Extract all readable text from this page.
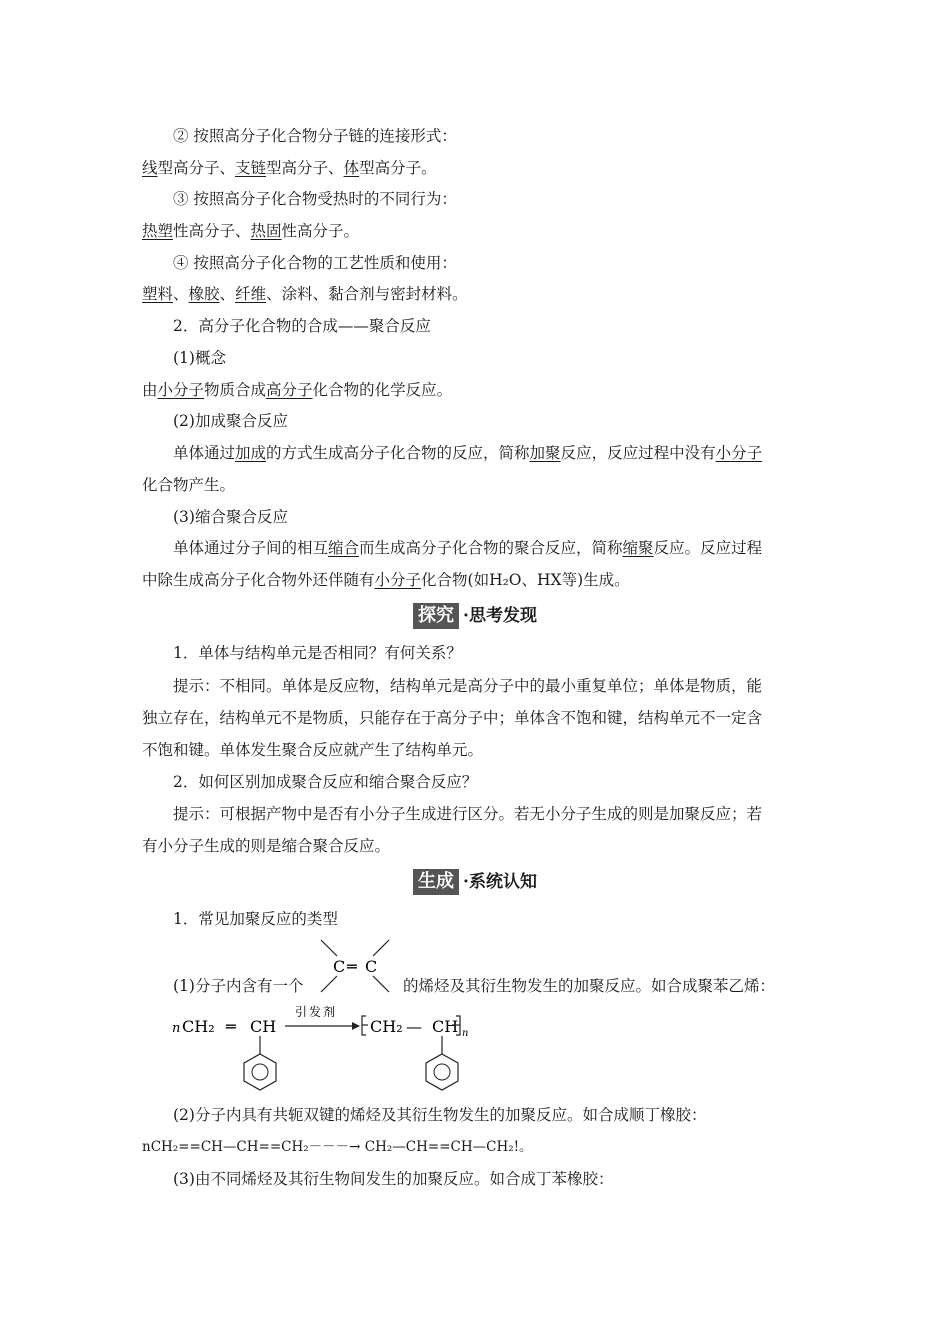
② 按照高分子化合物分子链的连接形式：
线型高分子、支链型高分子、体型高分子。
③ 按照高分子化合物受热时的不同行为：
热塑性高分子、热固性高分子。
④ 按照高分子化合物的工艺性质和使用：
塑料、橡胶、纤维、涂料、黏合剂与密封材料。
2．高分子化合物的合成——聚合反应
(1)概念
由小分子物质合成高分子化合物的化学反应。
(2)加成聚合反应
单体通过加成的方式生成高分子化合物的反应，简称加聚反应，反应过程中没有小分子
化合物产生。
(3)缩合聚合反应
单体通过分子间的相互缩合而生成高分子化合物的聚合反应，简称缩聚反应。反应过程
中除生成高分子化合物外还伴随有小分子化合物(如H₂O、HX等)生成。
探究 ·思考发现
1．单体与结构单元是否相同？有何关系？
提示：不相同。单体是反应物，结构单元是高分子中的最小重复单位；单体是物质，能
独立存在，结构单元不是物质，只能存在于高分子中；单体含不饱和键，结构单元不一定含
不饱和键。单体发生聚合反应就产生了结构单元。
2．如何区别加成聚合反应和缩合聚合反应？
提示：可根据产物中是否有小分子生成进行区分。若无小分子生成的则是加聚反应；若
有小分子生成的则是缩合聚合反应。
生成 ·系统认知
1．常见加聚反应的类型
(1)分子内含有一个
C ═ C
的烯烃及其衍生物发生的加聚反应。如合成聚苯乙烯：
n CH₂ ═ CH
引发剂
CH₂ — CH n
(2)分子内具有共轭双键的烯烃及其衍生物发生的加聚反应。如合成顺丁橡胶：
nCH₂==CH—CH==CH₂－－－→ CH₂—CH==CH—CH₂!。
(3)由不同烯烃及其衍生物间发生的加聚反应。如合成丁苯橡胶：
